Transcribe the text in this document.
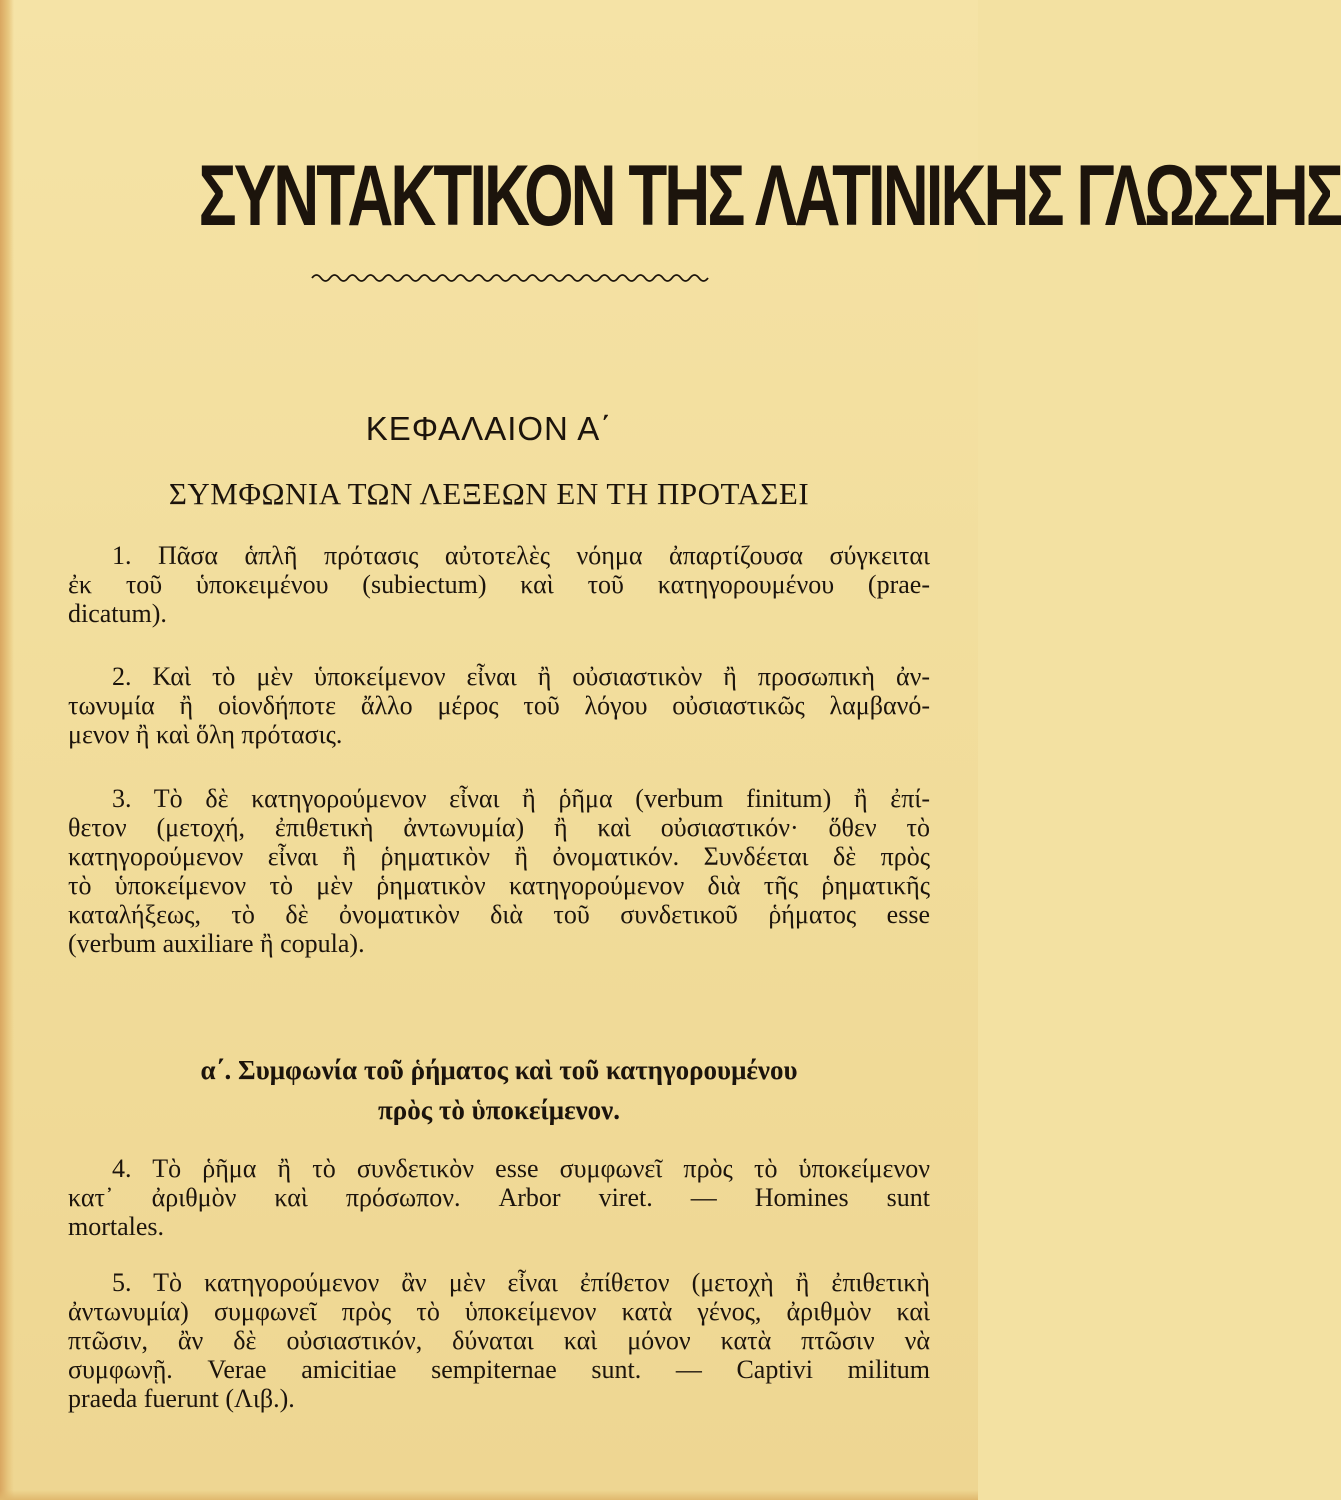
ΣΥΝΤΑΚΤΙΚΟΝ ΤΗΣ ΛΑΤΙΝΙΚΗΣ ΓΛΩΣΣΗΣ
ΚΕΦΑΛΑΙΟΝ Α΄
ΣΥΜΦΩΝΙΑ ΤΩΝ ΛΕΞΕΩΝ ΕΝ ΤΗ ΠΡΟΤΑΣΕΙ
1. Πᾶσα ἁπλῆ πρότασις αὐτοτελὲς νόημα ἀπαρτίζουσα σύγκειται
ἐκ τοῦ ὑποκειμένου (subiectum) καὶ τοῦ κατηγορουμένου (prae-
dicatum).
2. Καὶ τὸ μὲν ὑποκείμενον εἶναι ἢ οὐσιαστικὸν ἢ προσωπικὴ ἀν-
τωνυμία ἢ οἱονδήποτε ἄλλο μέρος τοῦ λόγου οὐσιαστικῶς λαμβανό-
μενον ἢ καὶ ὅλη πρότασις.
3. Τὸ δὲ κατηγορούμενον εἶναι ἢ ῥῆμα (verbum finitum) ἢ ἐπί-
θετον (μετοχή, ἐπιθετικὴ ἀντωνυμία) ἢ καὶ οὐσιαστικόν· ὅθεν τὸ
κατηγορούμενον εἶναι ἢ ῥηματικὸν ἢ ὀνοματικόν. Συνδέεται δὲ πρὸς
τὸ ὑποκείμενον τὸ μὲν ῥηματικὸν κατηγορούμενον διὰ τῆς ῥηματικῆς
καταλήξεως, τὸ δὲ ὀνοματικὸν διὰ τοῦ συνδετικοῦ ῥήματος esse
(verbum auxiliare ἢ copula).
α΄. Συμφωνία τοῦ ῥήματος καὶ τοῦ κατηγορουμένου
πρὸς τὸ ὑποκείμενον.
4. Τὸ ῥῆμα ἢ τὸ συνδετικὸν esse συμφωνεῖ πρὸς τὸ ὑποκείμενον
κατ᾽ ἀριθμὸν καὶ πρόσωπον. Arbor viret. — Homines sunt
mortales.
5. Τὸ κατηγορούμενον ἂν μὲν εἶναι ἐπίθετον (μετοχὴ ἢ ἐπιθετικὴ
ἀντωνυμία) συμφωνεῖ πρὸς τὸ ὑποκείμενον κατὰ γένος, ἀριθμὸν καὶ
πτῶσιν, ἂν δὲ οὐσιαστικόν, δύναται καὶ μόνον κατὰ πτῶσιν νὰ
συμφωνῇ. Verae amicitiae sempiternae sunt. — Captivi militum
praeda fuerunt (Λιβ.).
